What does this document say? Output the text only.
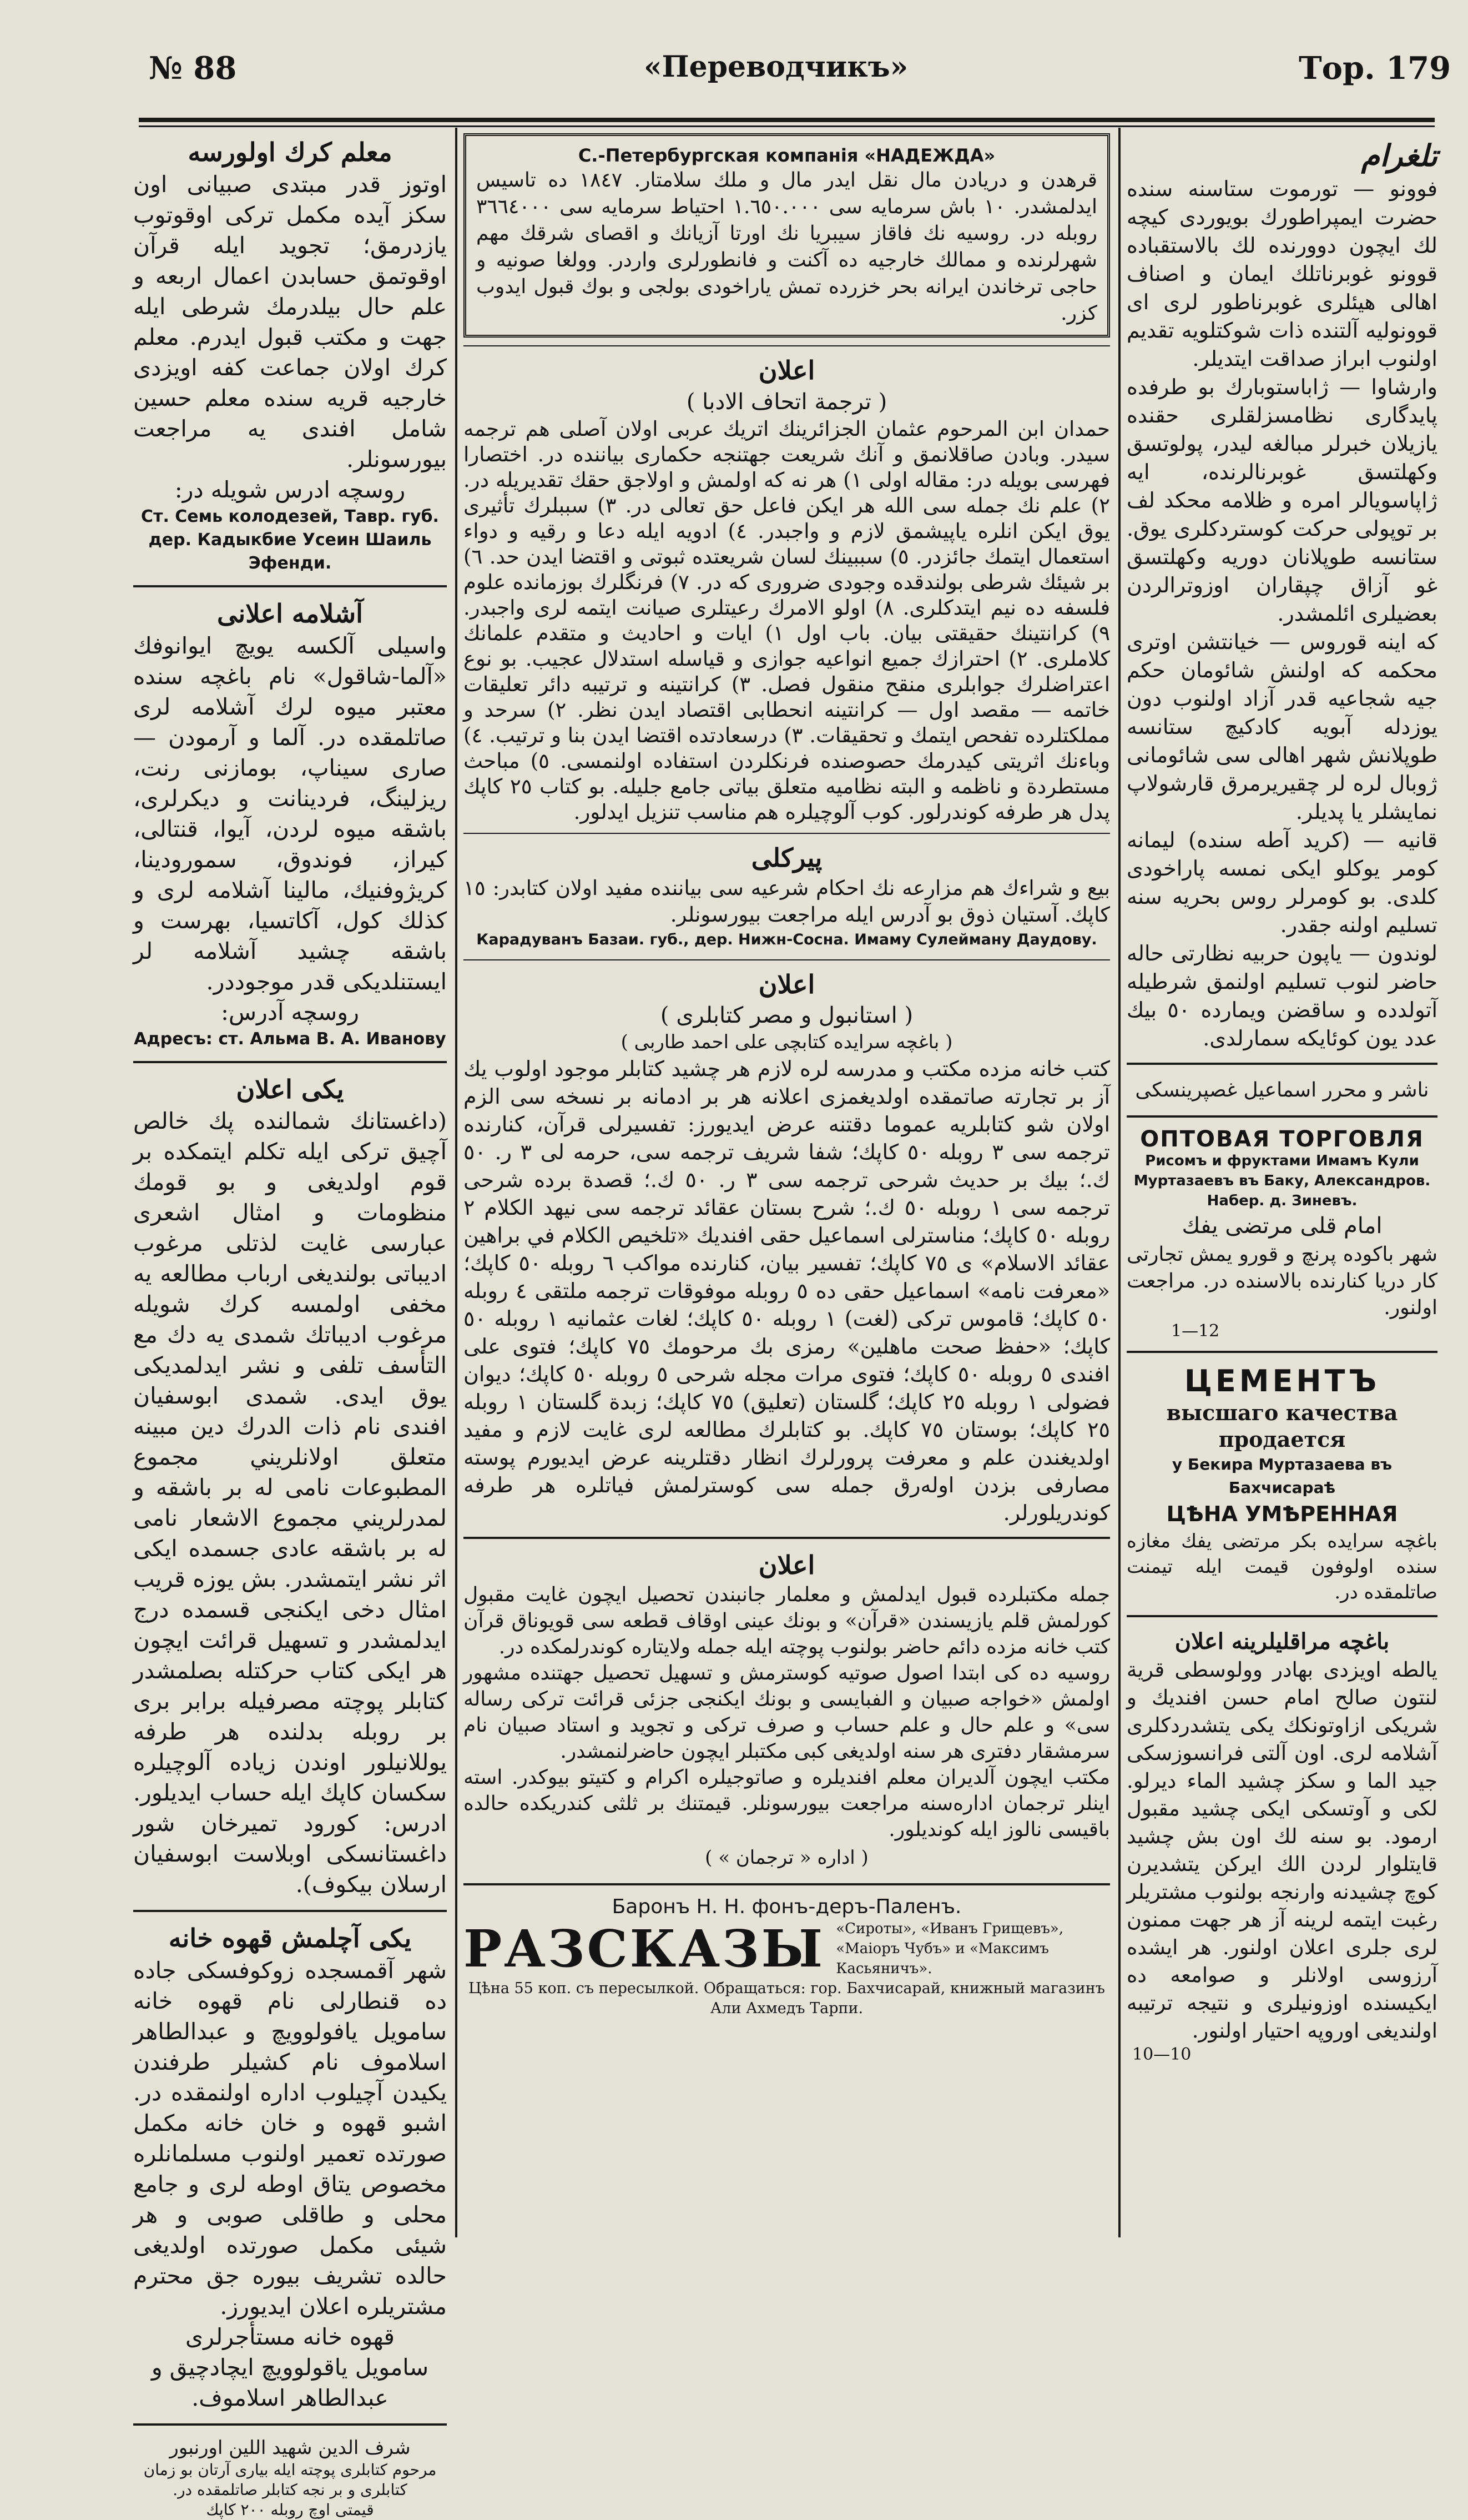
№ 88	«Переводчикъ»	Тор. 179
معلم كرك اولورسه
اوتوز قدر مبتدى صبيانى اون سكز آيده مكمل تركى اوقوتوب يازدرمق؛ تجويد ايله قرآن اوقوتمق حسابدن اعمال اربعه و علم حال بيلدرمك شرطى ايله جهت و مكتب قبول ايدرم. معلم كرك اولان جماعت كفه اويزدى خارجيه قريه سنده معلم حسين شامل افندى يه مراجعت بيورسونلر.
روسچه ادرس شويله در:
Ст. Семь колодезей, Тавр. губ. дер. Кадыкбие Усеин Шаиль Эфенди.
آشلامه اعلانى
واسيلى آلكسه يويچ ايوانوفك «آلما-شاقول» نام باغچه سنده معتبر ميوه لرك آشلامه لرى صاتلمقده در. آلما و آرمودن — صارى سيناپ، بومازنى رنت، ريزلينگ، فردينانت و ديكرلرى، باشقه ميوه لردن، آيوا، قنتالى، كيراز، فوندوق، سمورودينا، كريژوفنيك، مالينا آشلامه لرى و كذلك كول، آكاتسيا، بهرست و باشقه چشيد آشلامه لر ايستنلديكى قدر موجوددر.
روسچه آدرس:
Адресъ: ст. Альма В. А. Иванову
يكى اعلان
(داغستانك شمالنده پك خالص آچيق تركى ايله تكلم ايتمكده بر قوم اولديغى و بو قومك منظومات و امثال اشعرى عبارسى غايت لذتلى مرغوب اديباتى بولنديغى ارباب مطالعه يه مخفى اولمسه كرك شويله مرغوب اديباتك شمدى يه دك مع التأسف تلفى و نشر ايدلمديكى يوق ايدى. شمدى ابوسفيان افندى نام ذات الدرك دين مبينه متعلق اولانلريني مجموع المطبوعات نامى له بر باشقه و لمدرلريني مجموع الاشعار نامى له بر باشقه عادى جسمده ايكى اثر نشر ايتمشدر. بش يوزه قريب امثال دخى ايكنجى قسمده درج ايدلمشدر و تسهيل قرائت ايچون هر ايكى كتاب حركتله بصلمشدر كتابلر پوچته مصرفيله برابر برى بر روبله بدلنده هر طرفه يوللانيلور اوندن زياده آلوچيلره سكسان كاپك ايله حساب ايديلور. ادرس: كورود تميرخان شور داغستانسكى اوبلاست ابوسفيان ارسلان بيكوف).
يكى آچلمش قهوه خانه
شهر آقمسجده زوكوفسكى جاده ده قنطارلى نام قهوه خانه سامويل يافولوويچ و عبدالطاهر اسلاموف نام كشيلر طرفندن يكيدن آچيلوب اداره اولنمقده در. اشبو قهوه و خان خانه مكمل صورتده تعمير اولنوب مسلمانلره مخصوص يتاق اوطه لرى و جامع محلى و طاقلى صوبى و هر شيئى مكمل صورتده اولديغى حالده تشريف بيوره جق محترم مشتريلره اعلان ايديورز.
قهوه خانه مستأجرلرى
سامويل ياقولوويچ ايچادچيق و عبدالطاهر اسلاموف.
شرف الدين شهيد اللين اورنبور
مرحوم كتابلرى پوچته ايله بيارى آرتان بو زمان كتابلرى و بر نجه كتابلر صاتلمقده در.
قيمتى اوچ روبله ٢٠٠ كاپك
С.-Петербургская компанія «НАДЕЖДА»
قرهدن و دريادن مال نقل ايدر مال و ملك سلامتار. ١٨٤٧ ده تاسيس ايدلمشدر. ١٠ باش سرمايه سى ١.٦٥٠.٠٠٠ احتياط سرمايه سى ٣٦٦٤٠٠٠ روبله در. روسيه نك فاقاز سيبريا نك اورتا آزيانك و اقصاى شرقك مهم شهرلرنده و ممالك خارجيه ده آكنت و فانطورلرى واردر. وولغا صونيه و حاجى ترخاندن ايرانه بحر خزرده تمش ياراخودى بولجى و بوك قبول ايدوب كزر.
اعلان
( ترجمة اتحاف الادبا )
حمدان ابن المرحوم عثمان الجزائرينك اتريك عربى اولان آصلى هم ترجمه سيدر. وبادن صاقلانمق و آنك شريعت جهتنجه حكمارى بياننده در. اختصارا فهرسى بويله در: مقاله اولى ١) هر نه كه اولمش و اولاجق حقك تقديريله در. ٢) علم نك جمله سى الله هر ايكن فاعل حق تعالى در. ٣) سببلرك تأثيرى يوق ايكن انلره ياپيشمق لازم و واجبدر. ٤) ادويه ايله دعا و رقيه و دواء استعمال ايتمك جائزدر. ٥) سببينك لسان شريعتده ثبوتى و اقتضا ايدن حد. ٦) بر شيئك شرطى بولندقده وجودى ضرورى كه در. ٧) فرنگلرك بوزمانده علوم فلسفه ده نيم ايتدكلرى. ٨) اولو الامرك رعيتلرى صيانت ايتمه لرى واجبدر. ٩) كرانتينك حقيقتى بيان. باب اول ١) ايات و احاديث و متقدم علمانك كلاملرى. ٢) احترازك جميع انواعيه جوازى و قياسله استدلال عجيب. بو نوع اعتراضلرك جوابلرى منقح منقول فصل. ٣) كرانتينه و ترتيبه دائر تعليقات خاتمه — مقصد اول — كرانتينه انحطابى اقتصاد ايدن نظر. ٢) سرحد و مملكتلرده تفحص ايتمك و تحقيقات. ٣) درسعادتده اقتضا ايدن بنا و ترتيب. ٤) وباءنك اثريتى كيدرمك حصوصنده فرنكلردن استفاده اولنمسى. ٥) مباحث مستطردة و ناظمه و البته نظاميه متعلق بياتى جامع جليله. بو كتاب ٢٥ كاپك پدل هر طرفه كوندرلور. كوب آلوچيلره هم مناسب تنزيل ايدلور.
پيركلى
بيع و شراءك هم مزارعه نك احكام شرعيه سى بياننده مفيد اولان كتابدر: ١٥ كاپك. آستيان ذوق بو آدرس ايله مراجعت بيورسونلر.
Карадуванъ Базаи. губ., дер. Нижн-Сосна. Имаму Сулейману Даудову.
اعلان
( استانبول و مصر كتابلرى )
( باغچه سرايده كتابچى على احمد طاربى )
كتب خانه مزده مكتب و مدرسه لره لازم هر چشيد كتابلر موجود اولوب يك آز بر تجارته صاتمقده اولديغمزى اعلانه هر بر ادمانه بر نسخه سى الزم اولان شو كتابلريه عموما دقتنه عرض ايديورز: تفسيرلى قرآن، كنارنده ترجمه سى ٣ روبله ٥٠ كاپك؛ شفا شريف ترجمه سى، حرمه لى ٣ ر. ٥٠ ك.؛ بيك بر حديث شرحى ترجمه سى ٣ ر. ٥٠ ك.؛ قصدة برده شرحى ترجمه سى ١ روبله ٥٠ ك.؛ شرح بستان عقائد ترجمه سى نيهد الكلام ٢ روبله ٥٠ كاپك؛ مناسترلى اسماعيل حقى افنديك «تلخيص الكلام في براهين عقائد الاسلام» ى ٧٥ كاپك؛ تفسير بيان، كنارنده مواكب ٦ روبله ٥٠ كاپك؛ «معرفت نامه» اسماعيل حقى ده ٥ روبله موفوقات ترجمه ملتقى ٤ روبله ٥٠ كاپك؛ قاموس تركى (لغت) ١ روبله ٥٠ كاپك؛ لغات عثمانيه ١ روبله ٥٠ كاپك؛ «حفظ صحت ماهلين» رمزى بك مرحومك ٧٥ كاپك؛ فتوى على افندى ٥ روبله ٥٠ كاپك؛ فتوى مرات مجله شرحى ٥ روبله ٥٠ كاپك؛ ديوان فضولى ١ روبله ٢٥ كاپك؛ گلستان (تعليق) ٧٥ كاپك؛ زبدة گلستان ١ روبله ٢٥ كاپك؛ بوستان ٧٥ كاپك. بو كتابلرك مطالعه لرى غايت لازم و مفيد اولديغندن علم و معرفت پرورلرك انظار دقتلرينه عرض ايديورم پوسته مصارفى بزدن اولەرق جمله سى كوسترلمش فياتلره هر طرفه كوندريلورلر.
اعلان
جمله مكتبلرده قبول ايدلمش و معلمار جانبندن تحصيل ايچون غايت مقبول كورلمش قلم يازيسندن «قرآن» و بونك عينى اوقاف قطعه سى قويوناق قرآن كتب خانه مزده دائم حاضر بولنوب پوچته ايله جمله ولايتاره كوندرلمكده در.
روسيه ده كى ابتدا اصول صوتيه كوسترمش و تسهيل تحصيل جهتنده مشهور اولمش «خواجه صبيان و الفبايسى و بونك ايكنجى جزئى قرائت تركى رساله سى» و علم حال و علم حساب و صرف تركى و تجويد و استاد صبيان نام سرمشقار دفترى هر سنه اولديغى كبى مكتبلر ايچون حاضرلنمشدر.
مكتب ايچون آلديران معلم افنديلره و صاتوجيلره اكرام و كتيتو بيوكدر. استه اينلر ترجمان ادارەسنه مراجعت بيورسونلر. قيمتنك بر ثلثى كندريكده حالده باقيسى نالوز ايله كونديلور.
( اداره « ترجمان » )
Баронъ Н. Н. фонъ-деръ-Паленъ.
РАЗСКАЗЫ «Сироты», «Иванъ Грищевъ», «Маіоръ Чубъ» и «Максимъ Касьяничъ».
Цѣна 55 коп. съ пересылкой. Обращаться: гор. Бахчисарай, книжный магазинъ Али Ахмедъ Тарпи.
تلغرام
فوونو — تورموت ستاسنه سنده حضرت ايمپراطورك بويوردى كيچه لك ايچون دوورنده لك بالاستقباده قوونو غوبرناتلك ايمان و اصناف اهالى هيئلرى غوبرناطور لرى اى قوونوليه آلتنده ذات شوكتلويه تقديم اولنوب ابراز صداقت ايتديلر.
وارشاوا — ژاباستوبارك بو طرفده پايدگارى نظامسزلقلرى حقنده يازيلان خبرلر مبالغه ليدر، پولوتسق وكهلتسق غوبرنالرنده، ايه ژاپاسويالر امره و ظلامه محكد لف بر توپولى حركت كوستردكلرى يوق. ستانسه طوپلانان دوريه وكهلتسق غو آزاق چپقاران اوزوترالردن بعضيلرى ائلمشدر.
كه اينه قوروس — خيانتشن اوترى محكمه كه اولنش شائومان حكم جيه شجاعيه قدر آزاد اولنوب دون يوزدله آبويه كادكيچ ستانسه طوپلانش شهر اهالى سى شائومانى ژوبال لره لر چقيريرمرق قارشولاپ نمايشلر يا پديلر.
قانيه — (كريد آطه سنده) ليمانه كومر يوكلو ايكى نمسه پاراخودى كلدى. بو كومرلر روس بحريه سنه تسليم اولنه جقدر.
لوندون — ياپون حربيه نظارتى حاله حاضر لنوب تسليم اولنمق شرطيله آتولدده و ساقضن ويمارده ٥٠ بيك عدد يون كوئايكه سمارلدى.
ناشر و محرر اسماعيل غصپرينسكى
ОПТОВАЯ ТОРГОВЛЯ
Рисомъ и фруктами Имамъ Кули Муртазаевъ въ Баку, Александров. Набер. д. Зиневъ.
امام قلى مرتضى يفك
شهر باكوده پرنچ و قورو يمش تجارتى كار دريا كنارنده بالاسنده در. مراجعت اولنور.
1—12
ЦЕМЕНТЪ
высшаго качества продается
у Бекира Муртазаева въ Бахчисараѣ
ЦѢНА УМѢРЕННАЯ
باغچه سرايده بكر مرتضى يفك مغازه سنده اولوفون قيمت ايله تيمنت صاتلمقده در.
باغچه مراقليلرينه اعلان
يالطه اويزدى بهادر وولوسطى قرية لنتون صالح امام حسن افنديك و شريكى ازاوتونكك يكى يتشدردكلرى آشلامه لرى. اون آلتى فرانسوزسكى جيد الما و سكز چشيد الماء ديرلو. لكى و آوتسكى ايكى چشيد مقبول ارمود. بو سنه لك اون بش چشيد قايتلوار لردن الك ايركن يتشديرن كوچ چشيدنه وارنجه بولنوب مشتريلر رغبت ايتمه لرينه آز هر جهت ممنون لرى جلرى اعلان اولنور. هر ايشده آرزوسى اولانلر و صوامعه ده ايكيسنده اوزونيلرى و نتيجه ترتيبه اولنديغى اوروپه احتيار اولنور.
10—10
